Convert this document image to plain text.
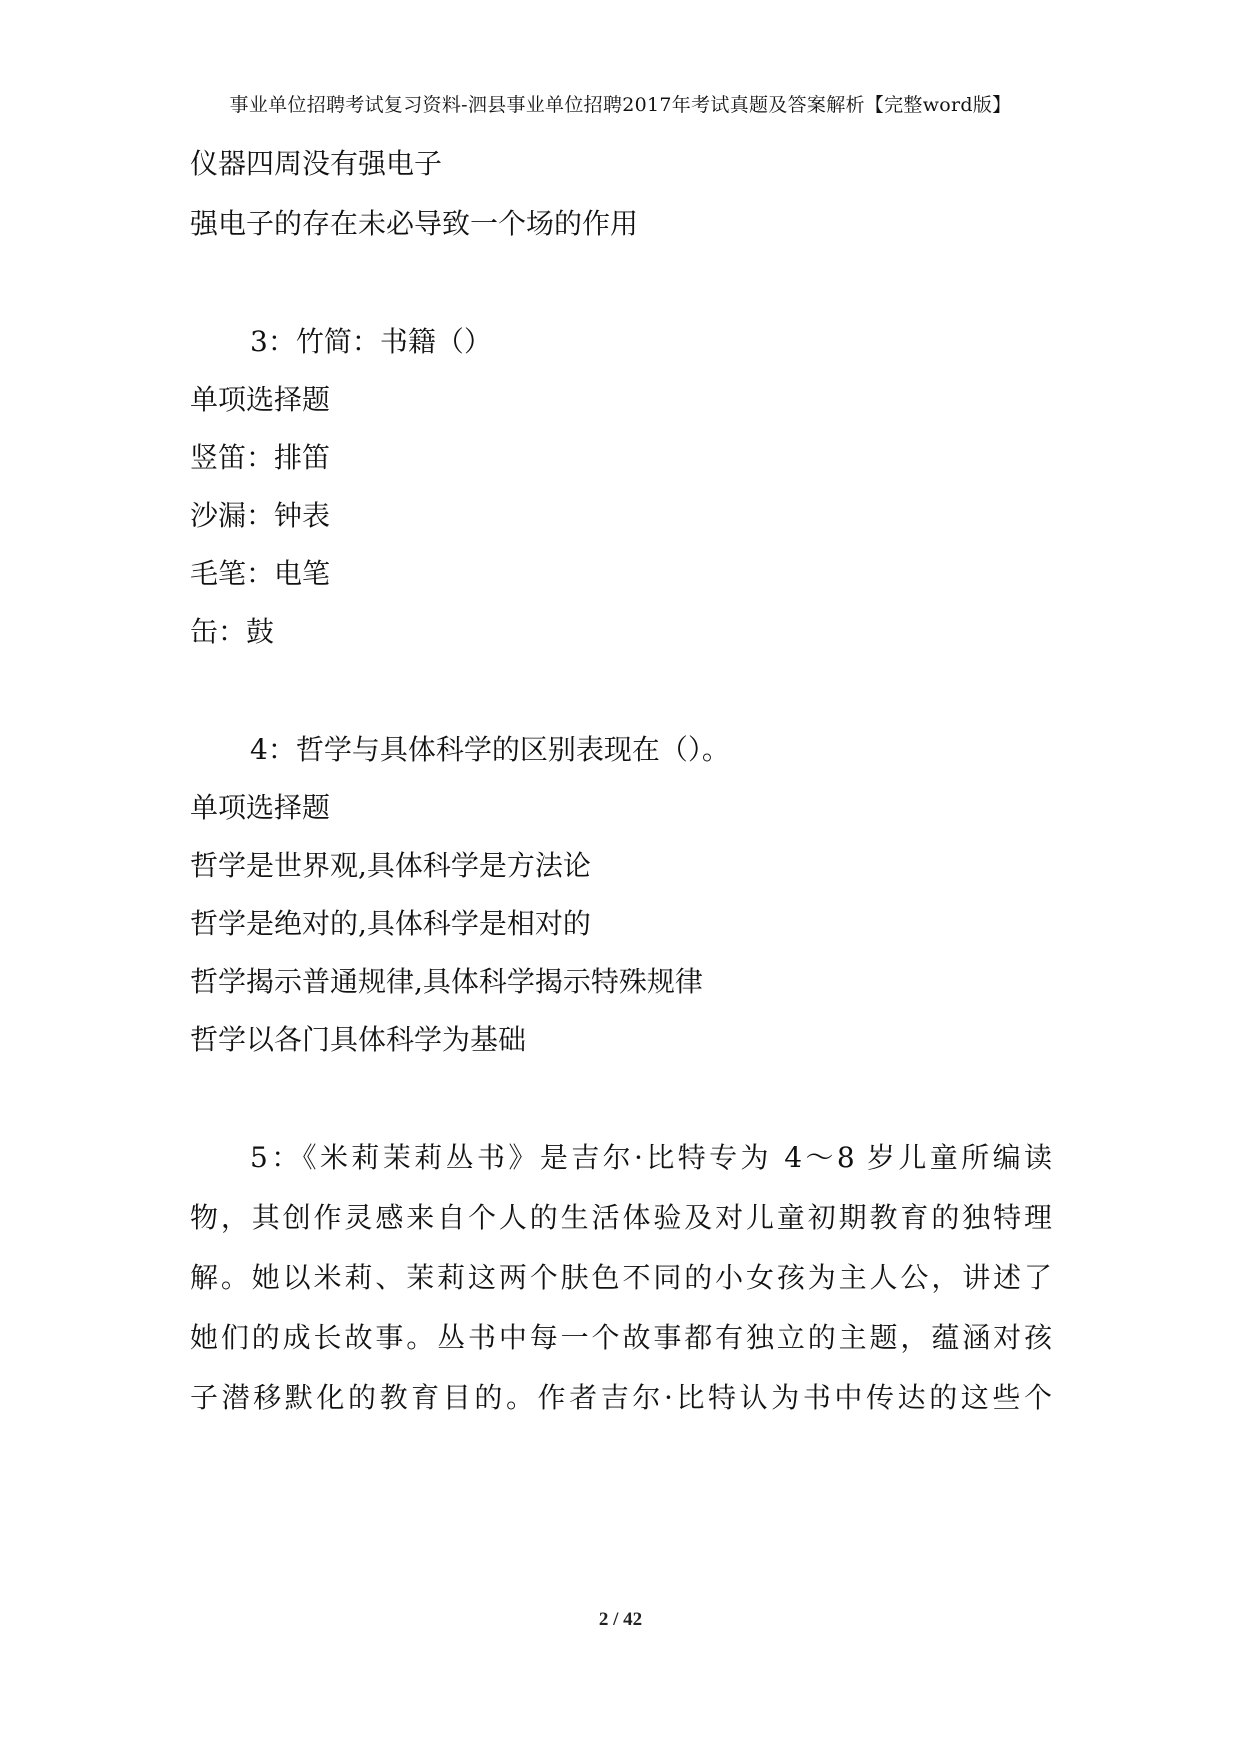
事业单位招聘考试复习资料-泗县事业单位招聘2017年考试真题及答案解析【完整word版】
仪器四周没有强电子
强电子的存在未必导致一个场的作用
3：竹简：书籍（）
单项选择题
竖笛：排笛
沙漏：钟表
毛笔：电笔
缶：鼓
4：哲学与具体科学的区别表现在（）。
单项选择题
哲学是世界观,具体科学是方法论
哲学是绝对的,具体科学是相对的
哲学揭示普通规律,具体科学揭示特殊规律
哲学以各门具体科学为基础
5：《米莉茉莉丛书》是吉尔·比特专为 4～8 岁儿童所编读
物，其创作灵感来自个人的生活体验及对儿童初期教育的独特理
解。她以米莉、茉莉这两个肤色不同的小女孩为主人公，讲述了
她们的成长故事。丛书中每一个故事都有独立的主题，蕴涵对孩
子潜移默化的教育目的。作者吉尔·比特认为书中传达的这些个
2 / 42
